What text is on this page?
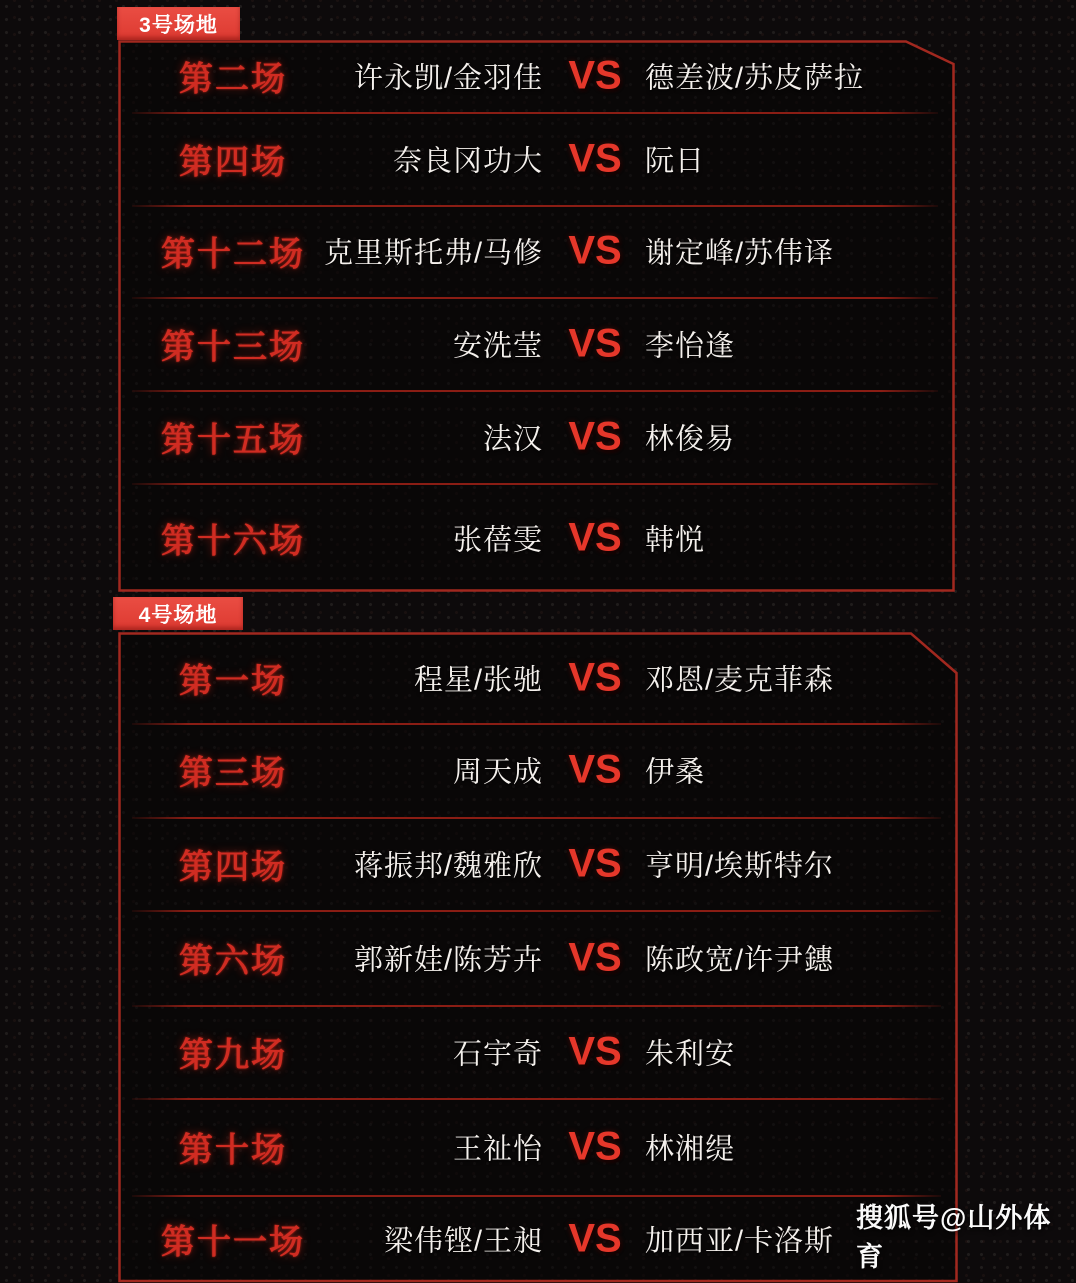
3号场地
第二场	许永凯/金羽佳 VS 德差波/苏皮萨拉
第四场	奈良冈功大 VS 阮日
第十二场 克里斯托弗/马修 VS 谢定峰/苏伟译
第十三场	安洗莹 VS 李怡逢
第十五场	法汉 VS 林俊易
第十六场	张蓓雯 VS 韩悦
4号场地
第一场	程星/张驰 VS 邓恩/麦克菲森
第三场	周天成 VS 伊桑
第四场	蒋振邦/魏雅欣 VS 亨明/埃斯特尔
第六场	郭新娃/陈芳卉 VS 陈政宽/许尹鏸
第九场	石宇奇 VS 朱利安
第十场	王祉怡 VS 林湘缇
第十一场	梁伟铿/王昶 VS 加西亚/卡洛斯
搜狐号@山外体育
